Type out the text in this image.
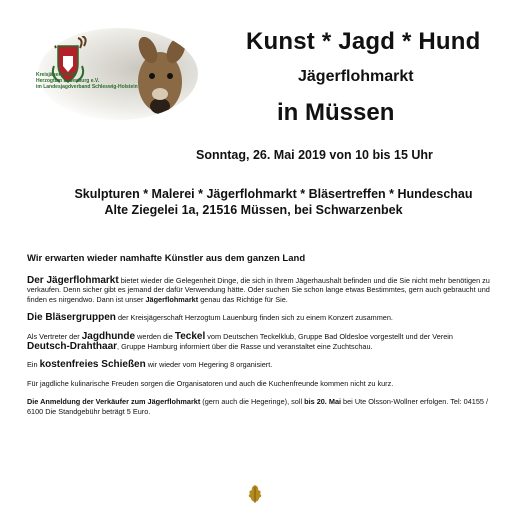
Kreisjägerschaft
Herzogtum Lauenburg e.V.
im Landesjagdverband Schleswig-Holstein
Kunst * Jagd * Hund
Jägerflohmarkt
in Müssen
Sonntag, 26. Mai 2019 von 10 bis 15 Uhr
Skulpturen * Malerei * Jägerflohmarkt * Bläsertreffen * Hundeschau
Alte Ziegelei 1a, 21516 Müssen, bei Schwarzenbek

Wir erwarten wieder namhafte Künstler aus dem ganzen Land

Der Jägerflohmarkt bietet wieder die Gelegenheit Dinge, die sich in Ihrem Jägerhaushalt befinden und die Sie nicht mehr benötigen zu verkaufen. Denn sicher gibt es jemand der dafür Verwendung hätte. Oder suchen Sie schon lange etwas Bestimmtes, gern auch gebraucht und finden es nirgendwo. Dann ist unser Jägerflohmarkt genau das Richtige für Sie.

Die Bläsergruppen der Kreisjägerschaft Herzogtum Lauenburg finden sich zu einem Konzert zusammen.

Als Vertreter der Jagdhunde werden die Teckel vom Deutschen Teckelklub, Gruppe Bad Oldesloe vorgestellt und der Verein Deutsch-Drahthaar, Gruppe Hamburg informiert über die Rasse und veranstaltet eine Zuchtschau.

Ein kostenfreies Schießen wir wieder vom Hegering 8 organisiert.

Für jagdliche kulinarische Freuden sorgen die Organisatoren und auch die Kuchenfreunde kommen nicht zu kurz.

Die Anmeldung der Verkäufer zum Jägerflohmarkt (gern auch die Hegeringe), soll bis 20. Mai bei Ute Olsson-Wollner erfolgen. Tel: 04155 / 6100 Die Standgebühr beträgt 5 Euro.
